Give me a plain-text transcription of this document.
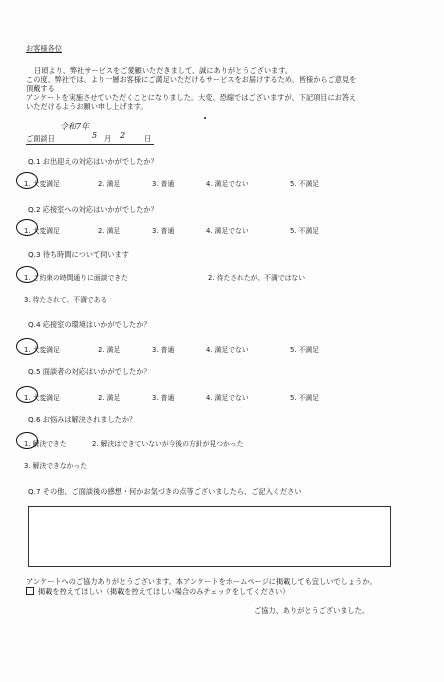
お客様各位
日頃より、弊社サービスをご愛顧いただきまして、誠にありがとうございます。
この度、弊社では、より一層お客様にご満足いただけるサービスをお届けするため、皆様からご意見を
頂戴する
アンケートを実施させていただくことになりました。大変、恐縮ではございますが、下記項目にお答え
いただけるようお願い申し上げます。
令和7年
ご面談日	5 月 2	日
Q.1 お出迎えの対応はいかがでしたか？
1. 大変満足	2. 満足	3. 普通	4. 満足でない	5. 不満足
Q.2 応接室への対応はいかがでしたか？
1. 大変満足	2. 満足	3. 普通	4. 満足でない	5. 不満足
Q.3 待ち時間について伺います
1. ご約束の時間通りに面談できた	2. 待たされたが、不満ではない
3. 待たされて、不満である
Q.4 応接室の環境はいかがでしたか？
1. 大変満足	2. 満足	3. 普通	4. 満足でない	5. 不満足
Q.5 面談者の対応はいかがでしたか？
1. 大変満足	2. 満足	3. 普通	4. 満足でない	5. 不満足
Q.6 お悩みは解決されましたか？
1. 解決できた	2. 解決はできていないが今後の方針が見つかった
3. 解決できなかった
Q.7 その他、ご面談後の感想・何かお気づきの点等ございましたら、ご記入ください
アンケートへのご協力ありがとうございます。本アンケートをホームページに掲載しても宜しいでしょうか。
掲載を控えてほしい（掲載を控えてほしい場合のみチェックをしてください）
ご協力、ありがとうございました。
